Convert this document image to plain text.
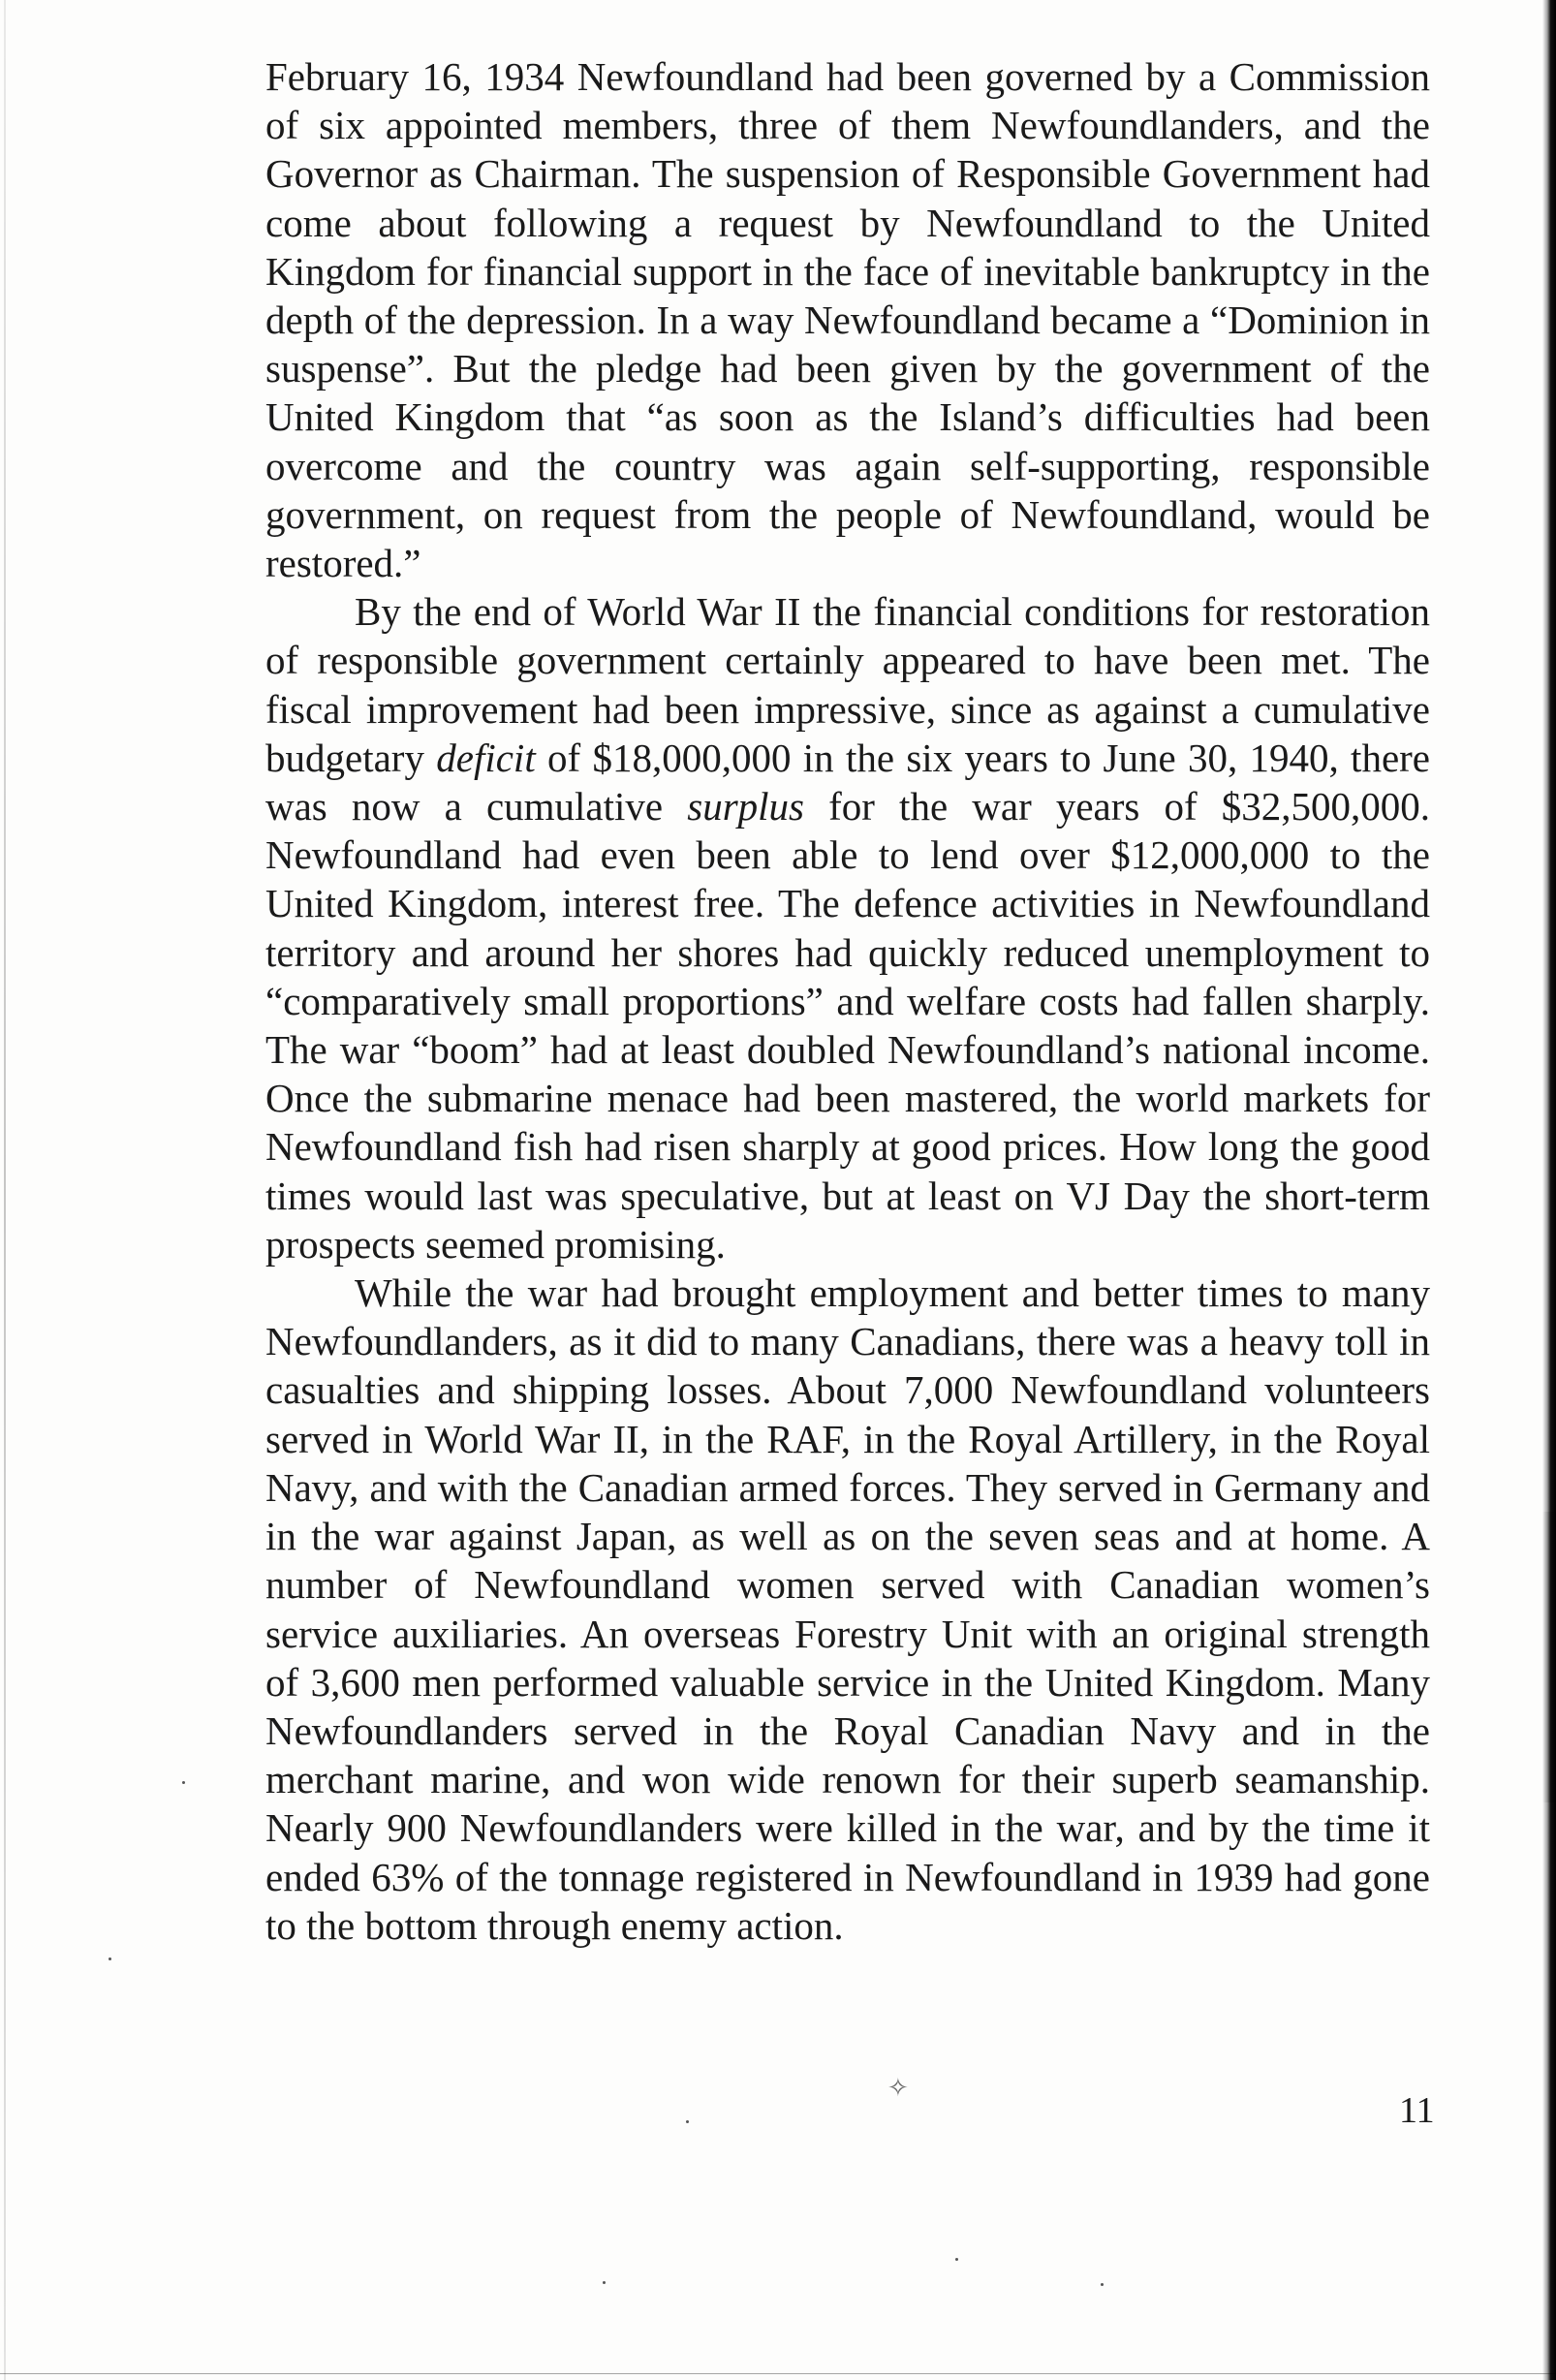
February 16, 1934 Newfoundland had been governed by a Commission of six appointed members, three of them Newfoundlanders, and the Governor as Chairman. The suspension of Responsible Government had come about following a request by Newfoundland to the United Kingdom for financial support in the face of inevitable bankruptcy in the depth of the depression. In a way Newfoundland became a “Dominion in suspense”. But the pledge had been given by the government of the United Kingdom that “as soon as the Island’s difficulties had been overcome and the country was again self-supporting, responsible government, on request from the people of Newfoundland, would be restored.”

By the end of World War II the financial conditions for restoration of responsible government certainly appeared to have been met. The fiscal improvement had been impressive, since as against a cumulative budgetary deficit of $18,000,000 in the six years to June 30, 1940, there was now a cumulative surplus for the war years of $32,500,000. Newfoundland had even been able to lend over $12,000,000 to the United Kingdom, interest free. The defence activities in Newfoundland territory and around her shores had quickly reduced unemployment to “comparatively small proportions” and welfare costs had fallen sharply. The war “boom” had at least doubled Newfoundland’s national income. Once the submarine menace had been mastered, the world markets for Newfoundland fish had risen sharply at good prices. How long the good times would last was speculative, but at least on VJ Day the short-term prospects seemed promising.

While the war had brought employment and better times to many Newfoundlanders, as it did to many Canadians, there was a heavy toll in casualties and shipping losses. About 7,000 Newfoundland volunteers served in World War II, in the RAF, in the Royal Artillery, in the Royal Navy, and with the Canadian armed forces. They served in Germany and in the war against Japan, as well as on the seven seas and at home. A number of Newfoundland women served with Canadian women’s service auxiliaries. An overseas Forestry Unit with an original strength of 3,600 men performed valuable service in the United Kingdom. Many Newfoundlanders served in the Royal Canadian Navy and in the merchant marine, and won wide renown for their superb seamanship. Nearly 900 Newfoundlanders were killed in the war, and by the time it ended 63% of the tonnage registered in Newfoundland in 1939 had gone to the bottom through enemy action.

✧
11
